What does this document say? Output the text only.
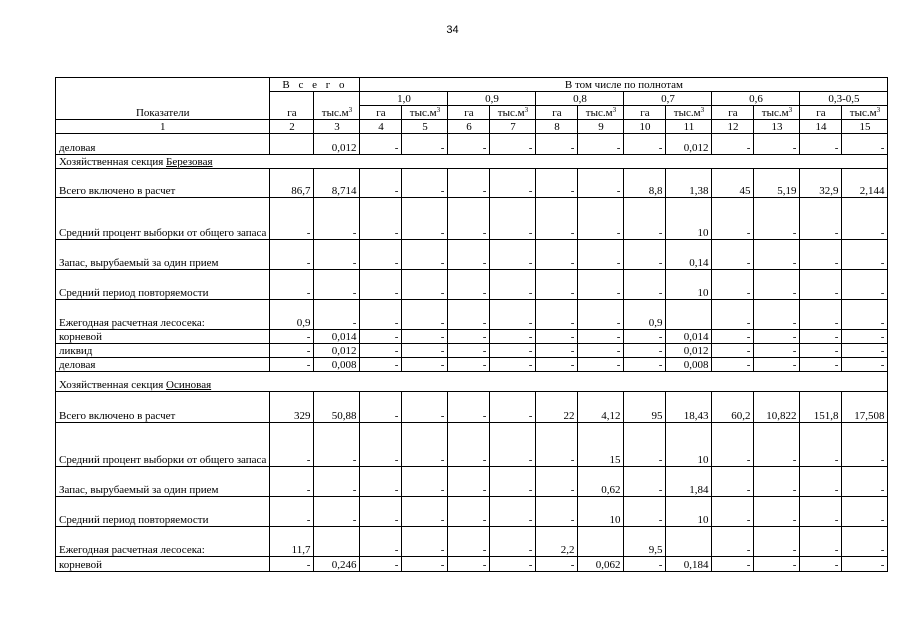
34
Показатели	В с е г о		В том числе по полнотам											
	га	$тыс.м^3$	1,0		0,9		0,8		0,7		0,6		0,3-0,5	
			га	$тыс.м^3$	га	$тыс.м^3$	га	$тыс.м^3$	га	$тыс.м^3$	га	$тыс.м^3$	га	$тыс.м^3$
1	2	3	4	5	6	7	8	9	10	11	12	13	14	15
деловая		0,012	-	-	-	-	-	-	-	0,012	-	-	-	-
Хозяйственная секция Березовая														
Всего включено в расчет	86,7	8,714	-	-	-	-	-	-	8,8	1,38	45	5,19	32,9	2,144
Средний процент выборки от общего запаса	-	-	-	-	-	-	-	-	-	10	-	-	-	-
Запас, вырубаемый за один прием	-	-	-	-	-	-	-	-	-	0,14	-	-	-	-
Средний период повторяемости	-	-	-	-	-	-	-	-	-	10	-	-	-	-
Ежегодная расчетная лесосека:	0,9	-	-	-	-	-	-	-	0,9		-	-	-	-
корневой	-	0,014	-	-	-	-	-	-	-	0,014	-	-	-	-
ликвид	-	0,012	-	-	-	-	-	-	-	0,012	-	-	-	-
деловая	-	0,008	-	-	-	-	-	-	-	0,008	-	-	-	-
Хозяйственная секция Осиновая														
Всего включено в расчет	329	50,88	-	-	-	-	22	4,12	95	18,43	60,2	10,822	151,8	17,508
Средний процент выборки от общего запаса	-	-	-	-	-	-	-	15	-	10	-	-	-	-
Запас, вырубаемый за один прием	-	-	-	-	-	-	-	0,62	-	1,84	-	-	-	-
Средний период повторяемости	-	-	-	-	-	-	-	10	-	10	-	-	-	-
Ежегодная расчетная лесосека:	11,7		-	-	-	-	2,2		9,5		-	-	-	-
корневой	-	0,246	-	-	-	-	-	0,062	-	0,184	-	-	-	-
